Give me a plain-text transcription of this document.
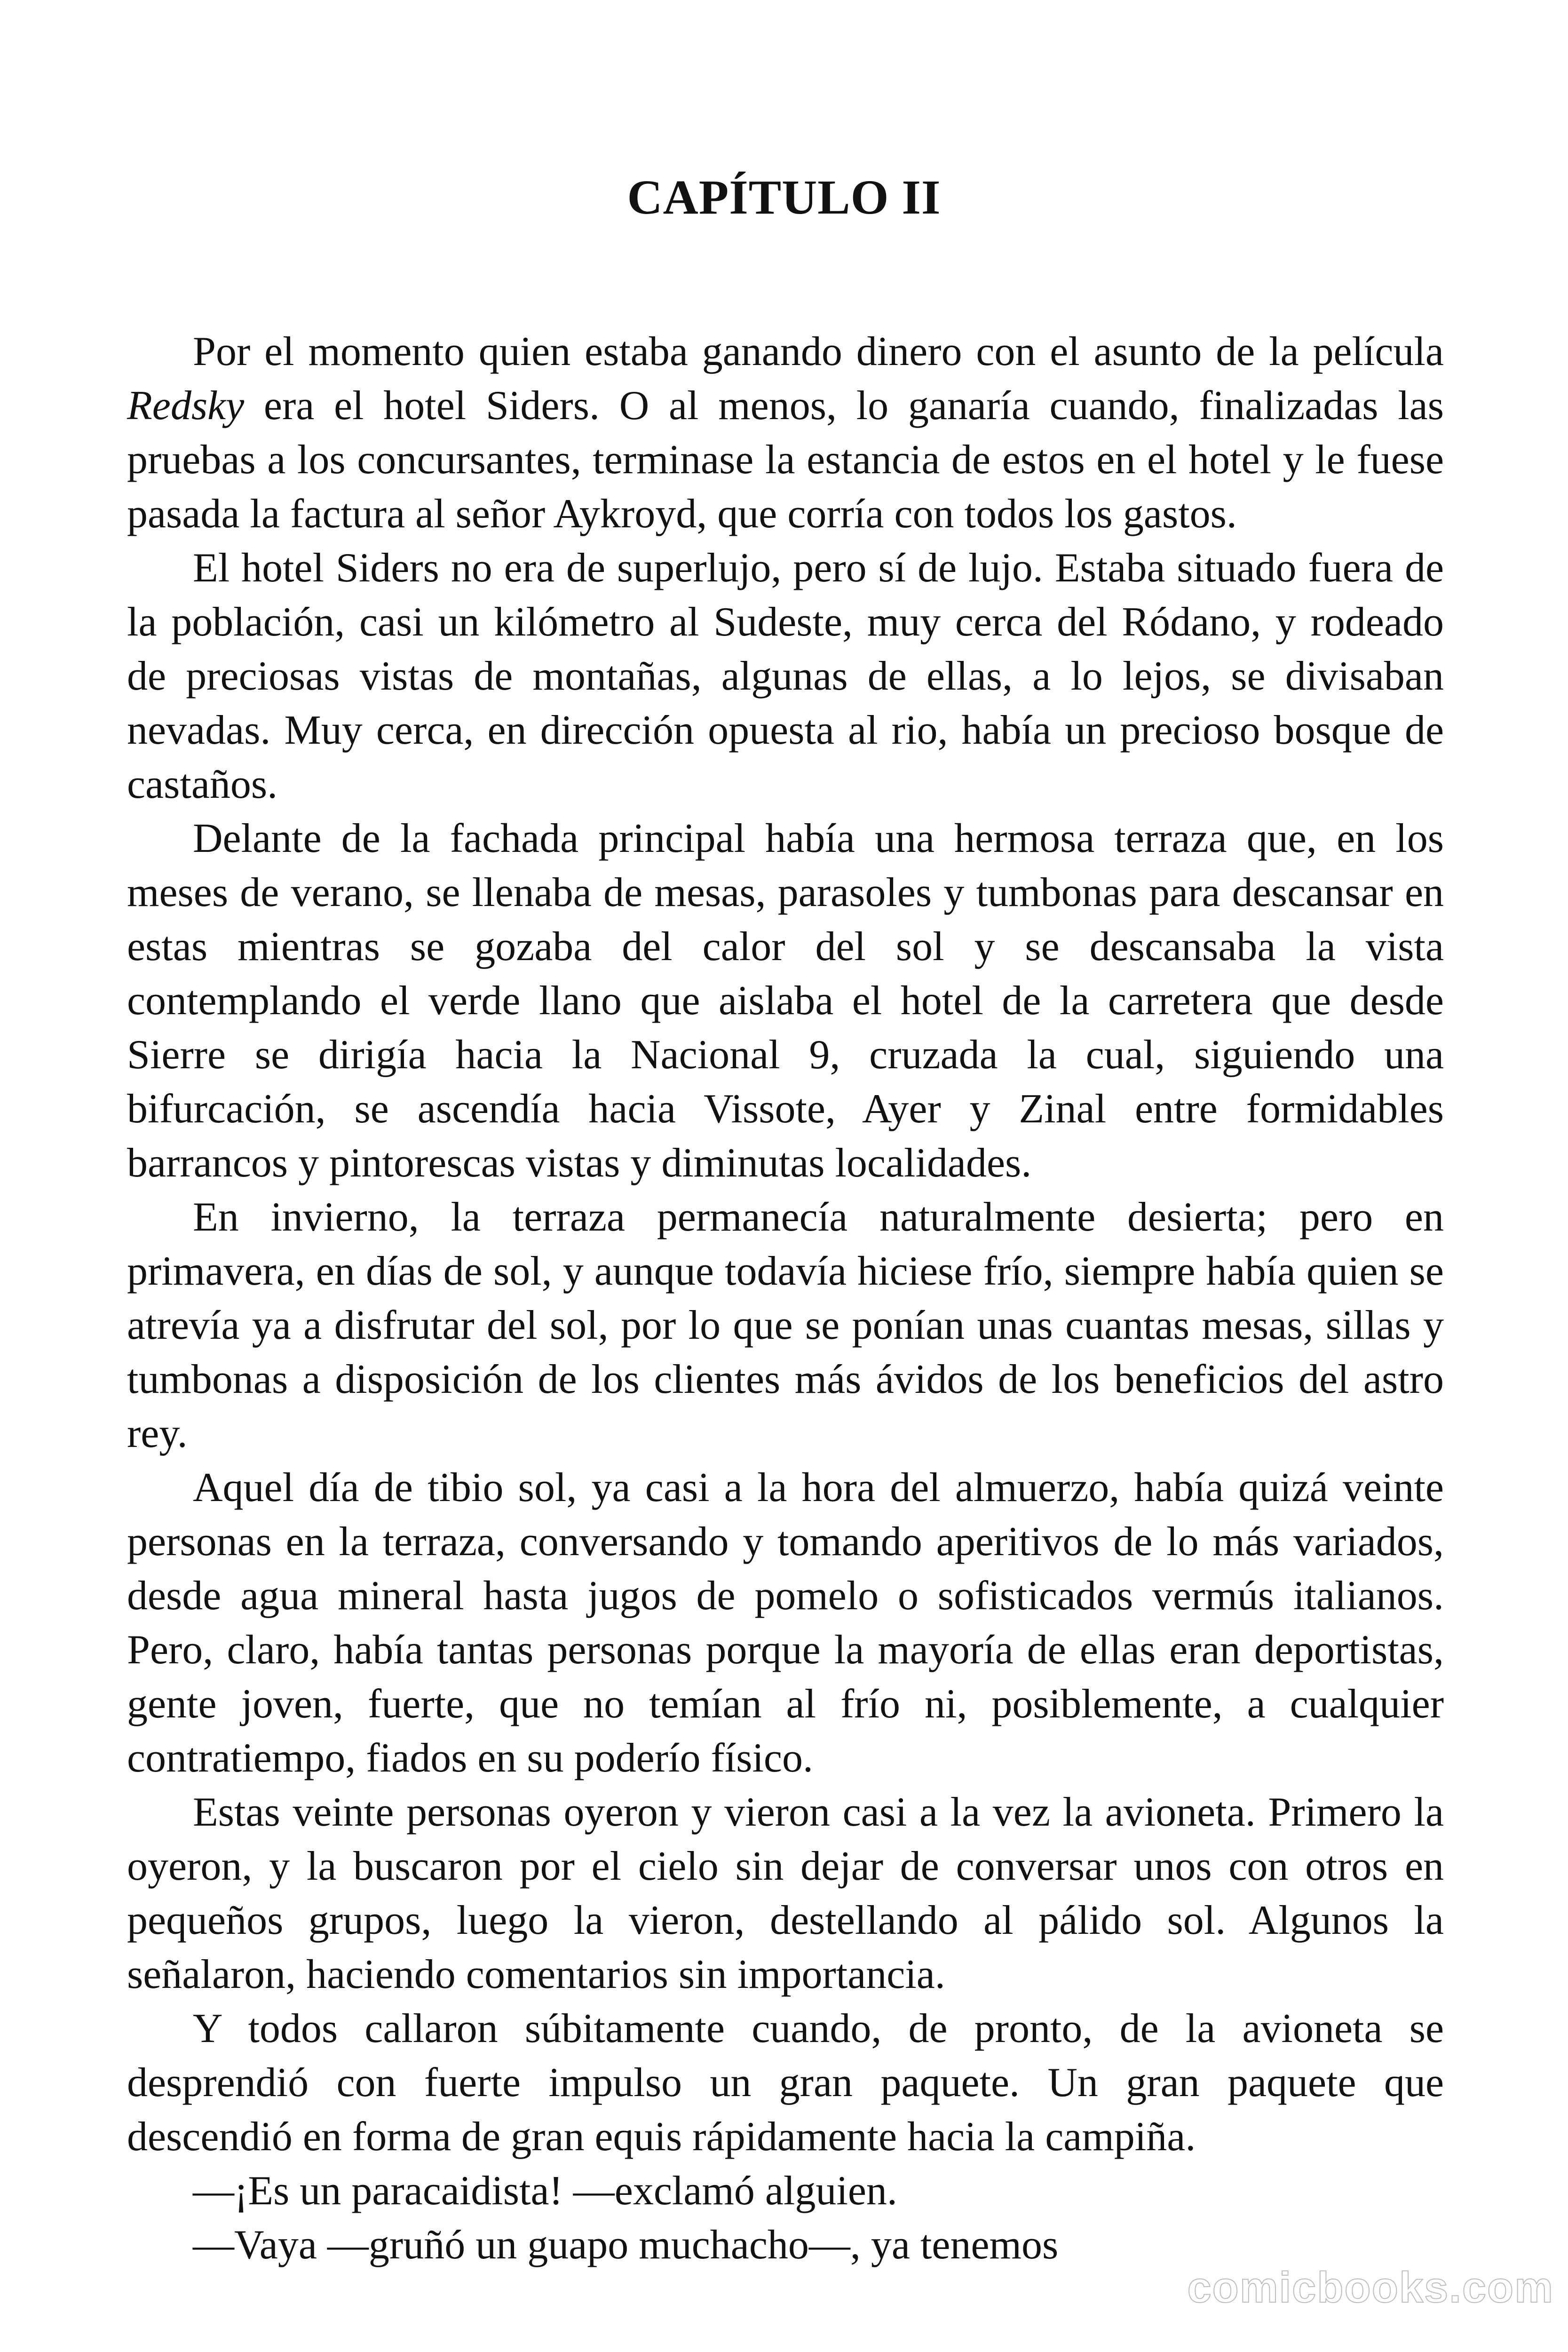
CAPÍTULO II

Por el momento quien estaba ganando dinero con el asunto de la película Redsky era el hotel Siders. O al menos, lo ganaría cuando, finalizadas las pruebas a los concursantes, terminase la estancia de estos en el hotel y le fuese pasada la factura al señor Aykroyd, que corría con todos los gastos.

El hotel Siders no era de superlujo, pero sí de lujo. Estaba situado fuera de la población, casi un kilómetro al Sudeste, muy cerca del Ródano, y rodeado de preciosas vistas de montañas, algunas de ellas, a lo lejos, se divisaban nevadas. Muy cerca, en dirección opuesta al rio, había un precioso bosque de castaños.

Delante de la fachada principal había una hermosa terraza que, en los meses de verano, se llenaba de mesas, parasoles y tumbonas para descansar en estas mientras se gozaba del calor del sol y se descansaba la vista contemplando el verde llano que aislaba el hotel de la carretera que desde Sierre se dirigía hacia la Nacional 9, cruzada la cual, siguiendo una bifurcación, se ascendía hacia Vissote, Ayer y Zinal entre formidables barrancos y pintorescas vistas y diminutas localidades.

En invierno, la terraza permanecía naturalmente desierta; pero en primavera, en días de sol, y aunque todavía hiciese frío, siempre había quien se atrevía ya a disfrutar del sol, por lo que se ponían unas cuantas mesas, sillas y tumbonas a disposición de los clientes más ávidos de los beneficios del astro rey.

Aquel día de tibio sol, ya casi a la hora del almuerzo, había quizá veinte personas en la terraza, conversando y tomando aperitivos de lo más variados, desde agua mineral hasta jugos de pomelo o sofisticados vermús italianos. Pero, claro, había tantas personas porque la mayoría de ellas eran deportistas, gente joven, fuerte, que no temían al frío ni, posiblemente, a cualquier contratiempo, fiados en su poderío físico.

Estas veinte personas oyeron y vieron casi a la vez la avioneta. Primero la oyeron, y la buscaron por el cielo sin dejar de conversar unos con otros en pequeños grupos, luego la vieron, destellando al pálido sol. Algunos la señalaron, haciendo comentarios sin importancia.

Y todos callaron súbitamente cuando, de pronto, de la avioneta se desprendió con fuerte impulso un gran paquete. Un gran paquete que descendió en forma de gran equis rápidamente hacia la campiña.

—¡Es un paracaidista! —exclamó alguien.

—Vaya —gruñó un guapo muchacho—, ya tenemos

comicbooks.com
